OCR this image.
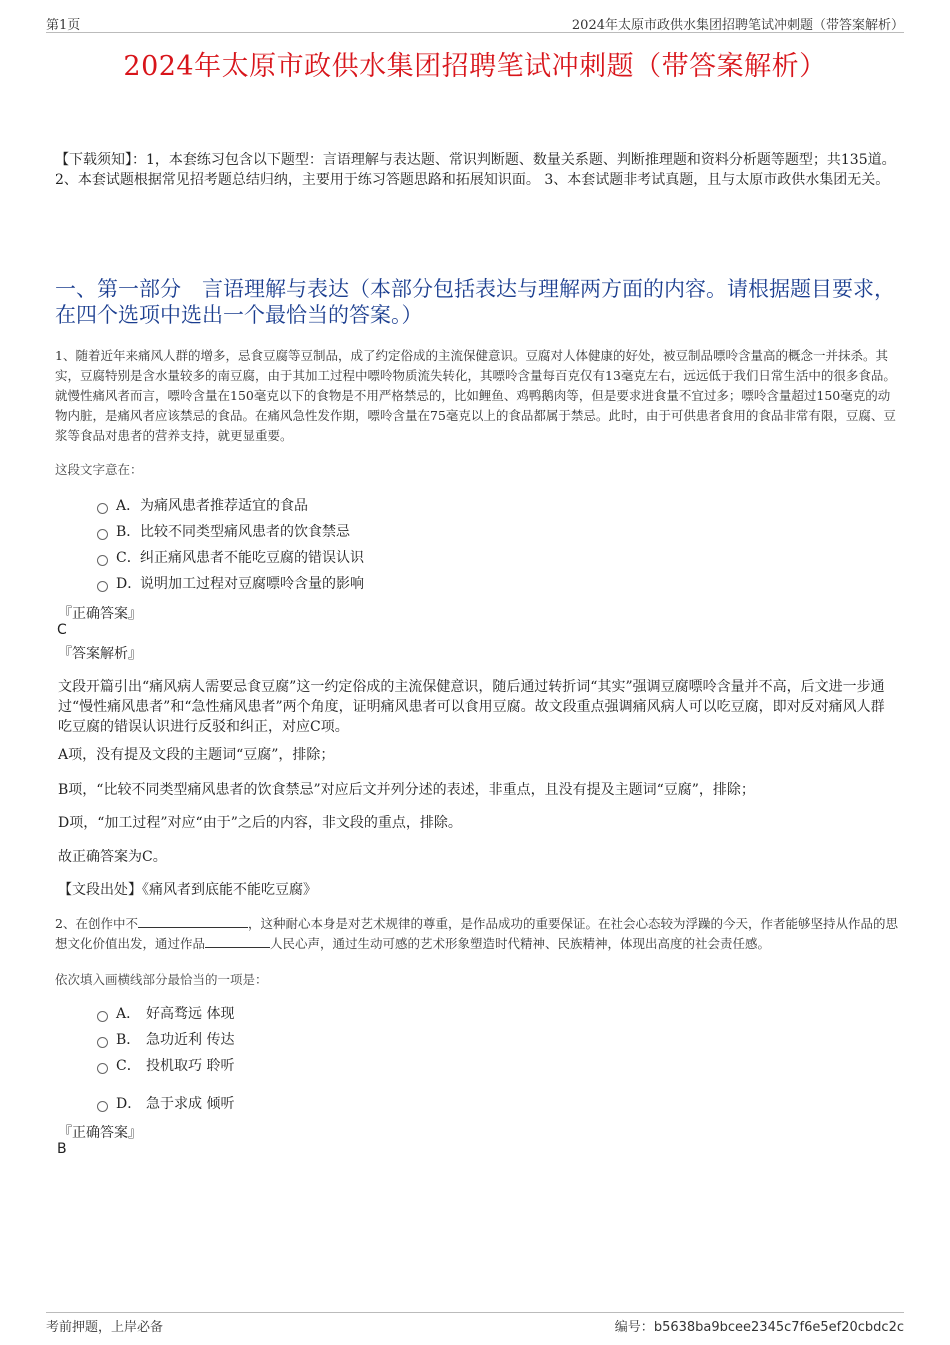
第1页	2024年太原市政供水集团招聘笔试冲刺题（带答案解析）
2024年太原市政供水集团招聘笔试冲刺题（带答案解析）
【下载须知】：1，本套练习包含以下题型：言语理解与表达题、常识判断题、数量关系题、判断推理题和资料分析题等题型；共135道。 2、本套试题根据常见招考题总结归纳，主要用于练习答题思路和拓展知识面。 3、本套试题非考试真题，且与太原市政供水集团无关。
一、第一部分　言语理解与表达（本部分包括表达与理解两方面的内容。请根据题目要求，在四个选项中选出一个最恰当的答案。）
1、随着近年来痛风人群的增多，忌食豆腐等豆制品，成了约定俗成的主流保健意识。豆腐对人体健康的好处，被豆制品嘌呤含量高的概念一并抹杀。其实，豆腐特别是含水量较多的南豆腐，由于其加工过程中嘌呤物质流失转化，其嘌呤含量每百克仅有13毫克左右，远远低于我们日常生活中的很多食品。就慢性痛风者而言，嘌呤含量在150毫克以下的食物是不用严格禁忌的，比如鲤鱼、鸡鸭鹅肉等，但是要求进食量不宜过多；嘌呤含量超过150毫克的动物内脏，是痛风者应该禁忌的食品。在痛风急性发作期，嘌呤含量在75毫克以上的食品都属于禁忌。此时，由于可供患者食用的食品非常有限，豆腐、豆浆等食品对患者的营养支持，就更显重要。
这段文字意在：
A．为痛风患者推荐适宜的食品
B．比较不同类型痛风患者的饮食禁忌
C．纠正痛风患者不能吃豆腐的错误认识
D．说明加工过程对豆腐嘌呤含量的影响
『正确答案』
C
『答案解析』
文段开篇引出“痛风病人需要忌食豆腐”这一约定俗成的主流保健意识，随后通过转折词“其实”强调豆腐嘌呤含量并不高，后文进一步通过“慢性痛风患者”和“急性痛风患者”两个角度，证明痛风患者可以食用豆腐。故文段重点强调痛风病人可以吃豆腐，即对反对痛风人群吃豆腐的错误认识进行反驳和纠正，对应C项。
A项，没有提及文段的主题词“豆腐”，排除；
B项，“比较不同类型痛风患者的饮食禁忌”对应后文并列分述的表述，非重点，且没有提及主题词“豆腐”，排除；
D项，“加工过程”对应“由于”之后的内容，非文段的重点，排除。
故正确答案为C。
【文段出处】《痛风者到底能不能吃豆腐》
2、在创作中不	，这种耐心本身是对艺术规律的尊重，是作品成功的重要保证。在社会心态较为浮躁的今天，作者能够坚持从作品的思想文化价值出发，通过作品	人民心声，通过生动可感的艺术形象塑造时代精神、民族精神，体现出高度的社会责任感。
依次填入画横线部分最恰当的一项是：
A． 好高骛远 体现
B． 急功近利 传达
C． 投机取巧 聆听
D． 急于求成 倾听
『正确答案』
B
考前押题，上岸必备	编号：b5638ba9bcee2345c7f6e5ef20cbdc2c
